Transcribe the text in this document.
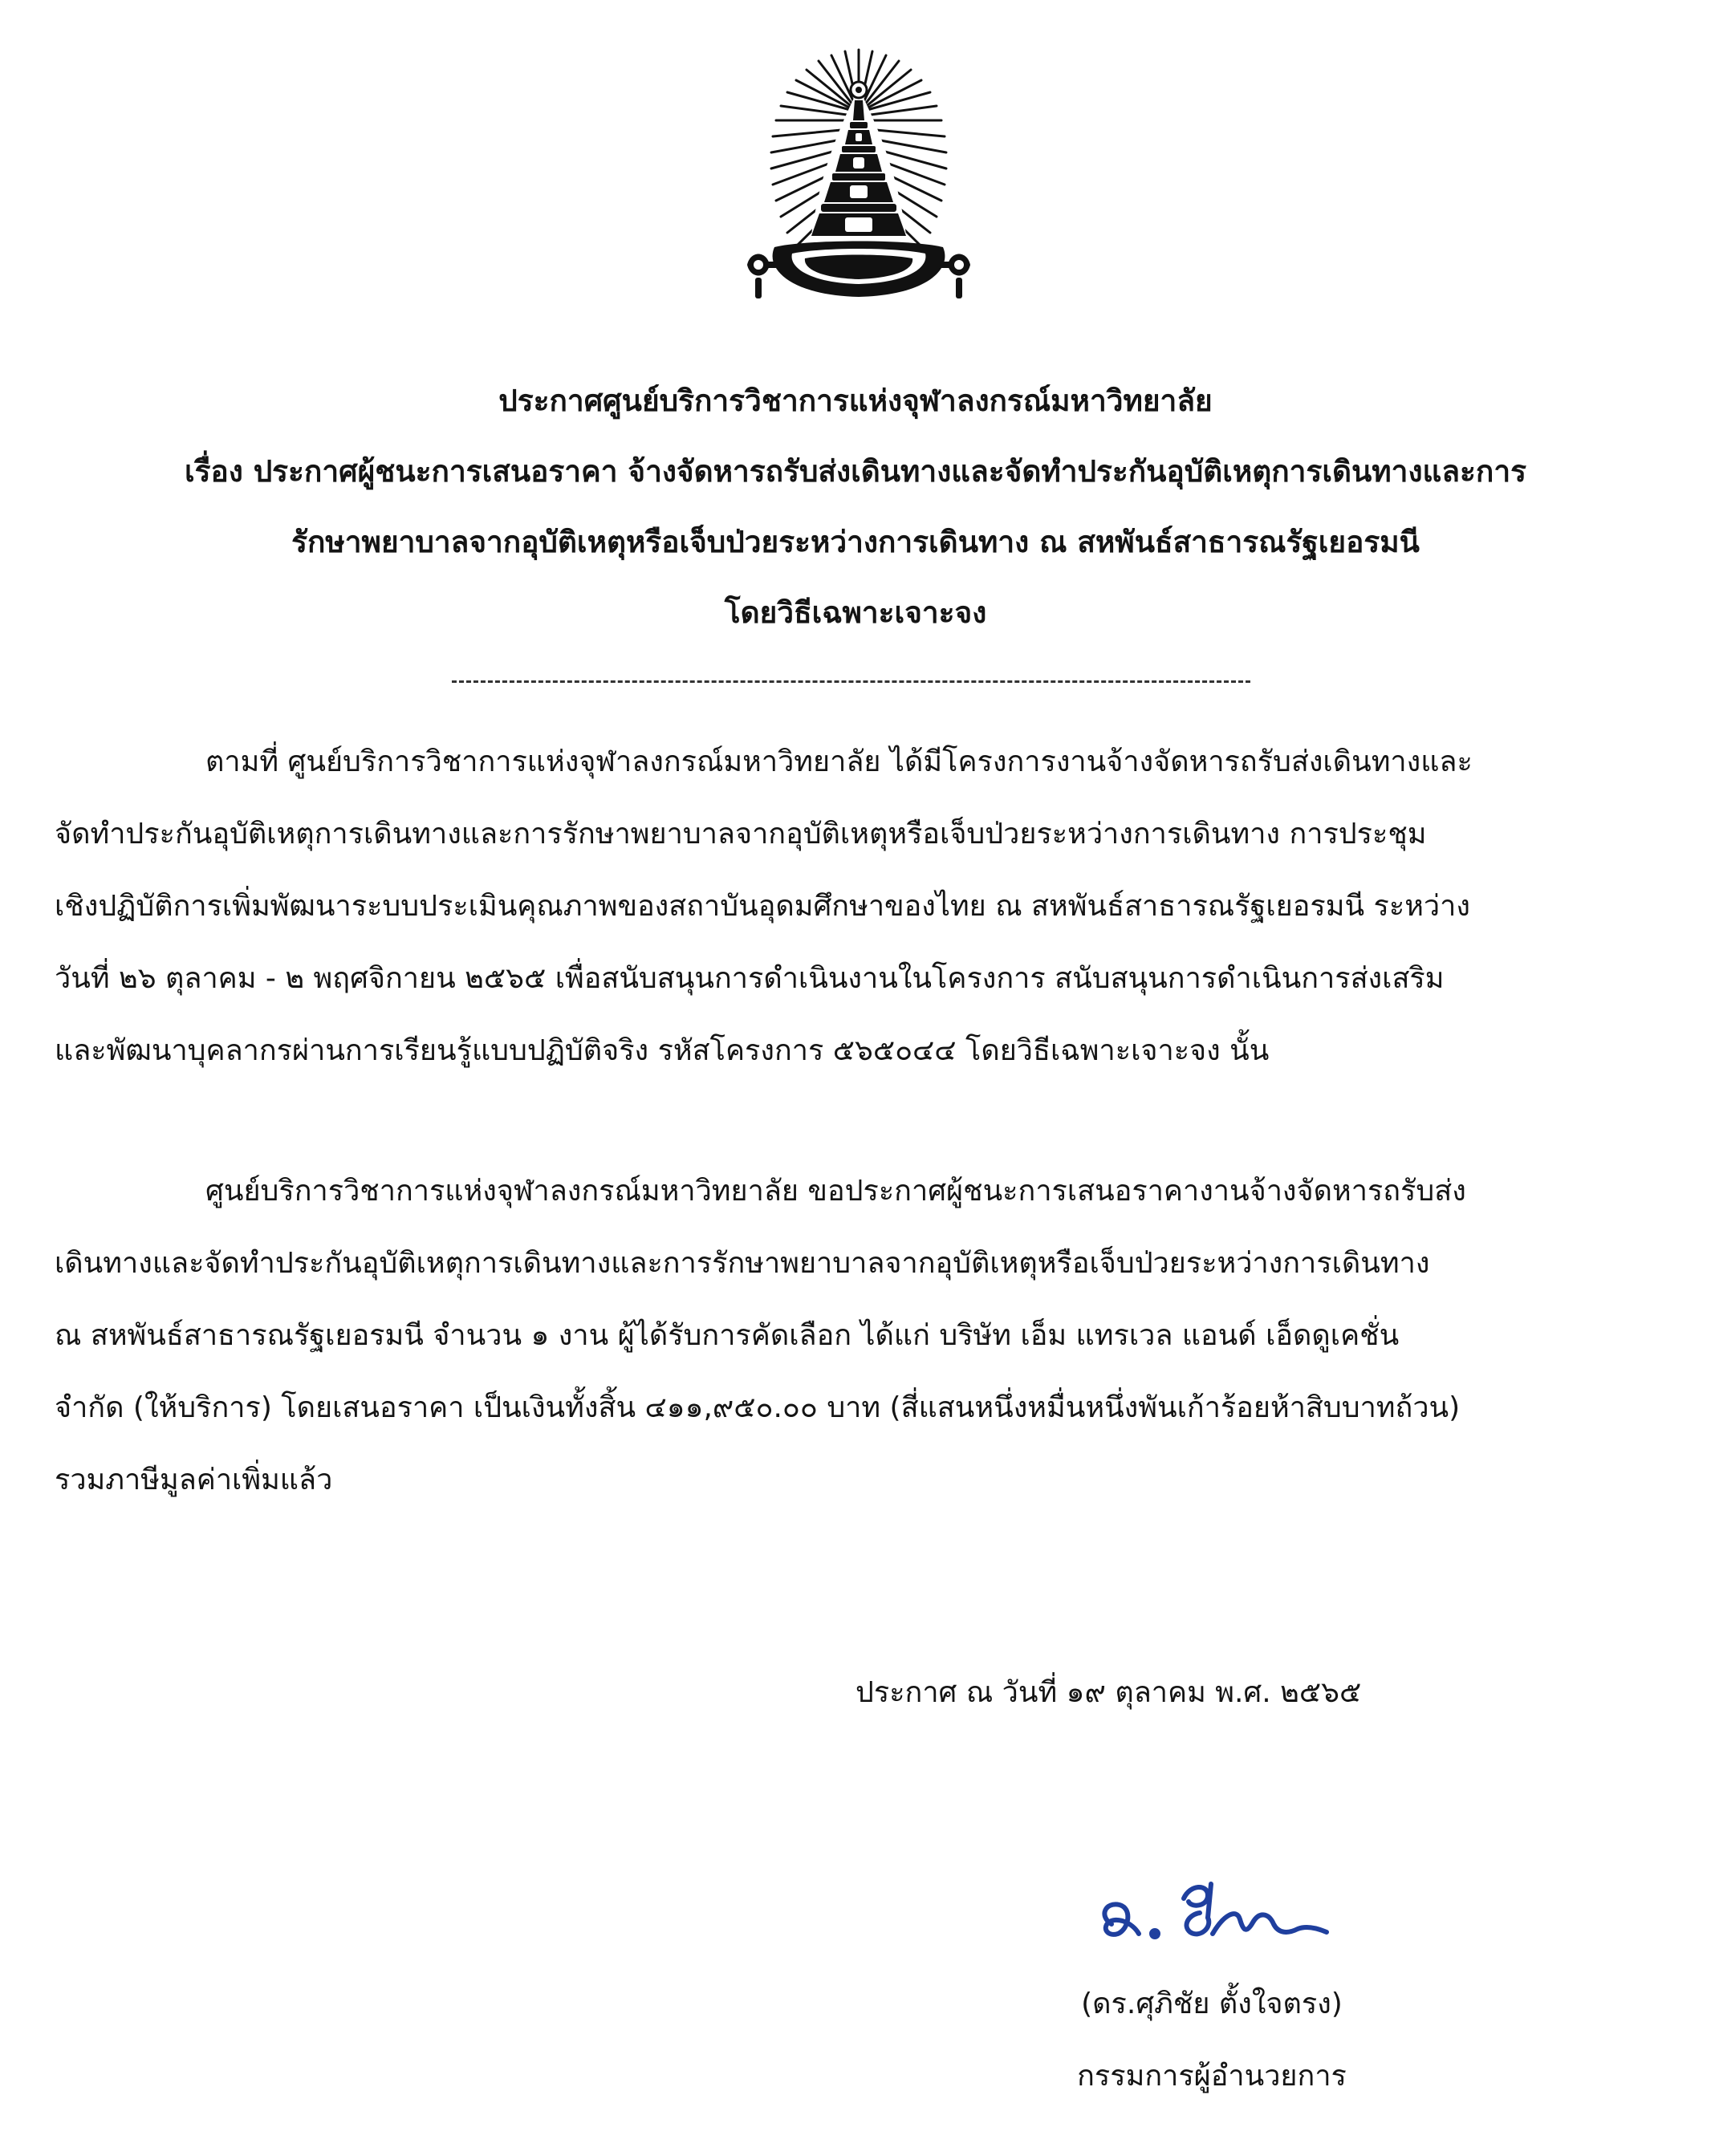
ประกาศศูนย์บริการวิชาการแห่งจุฬาลงกรณ์มหาวิทยาลัย
เรื่อง ประกาศผู้ชนะการเสนอราคา จ้างจัดหารถรับส่งเดินทางและจัดทำประกันอุบัติเหตุการเดินทางและการ
รักษาพยาบาลจากอุบัติเหตุหรือเจ็บป่วยระหว่างการเดินทาง ณ สหพันธ์สาธารณรัฐเยอรมนี
โดยวิธีเฉพาะเจาะจง
ตามที่ ศูนย์บริการวิชาการแห่งจุฬาลงกรณ์มหาวิทยาลัย ได้มีโครงการงานจ้างจัดหารถรับส่งเดินทางและ
จัดทำประกันอุบัติเหตุการเดินทางและการรักษาพยาบาลจากอุบัติเหตุหรือเจ็บป่วยระหว่างการเดินทาง การประชุม
เชิงปฏิบัติการเพิ่มพัฒนาระบบประเมินคุณภาพของสถาบันอุดมศึกษาของไทย ณ สหพันธ์สาธารณรัฐเยอรมนี ระหว่าง
วันที่ ๒๖ ตุลาคม - ๒ พฤศจิกายน ๒๕๖๕ เพื่อสนับสนุนการดำเนินงานในโครงการ สนับสนุนการดำเนินการส่งเสริม
และพัฒนาบุคลากรผ่านการเรียนรู้แบบปฏิบัติจริง รหัสโครงการ ๕๖๕๐๔๔ โดยวิธีเฉพาะเจาะจง นั้น
ศูนย์บริการวิชาการแห่งจุฬาลงกรณ์มหาวิทยาลัย ขอประกาศผู้ชนะการเสนอราคางานจ้างจัดหารถรับส่ง
เดินทางและจัดทำประกันอุบัติเหตุการเดินทางและการรักษาพยาบาลจากอุบัติเหตุหรือเจ็บป่วยระหว่างการเดินทาง
ณ สหพันธ์สาธารณรัฐเยอรมนี จำนวน ๑ งาน ผู้ได้รับการคัดเลือก ได้แก่ บริษัท เอ็ม แทรเวล แอนด์ เอ็ดดูเคชั่น
จำกัด (ให้บริการ) โดยเสนอราคา เป็นเงินทั้งสิ้น ๔๑๑,๙๕๐.๐๐ บาท (สี่แสนหนึ่งหมื่นหนึ่งพันเก้าร้อยห้าสิบบาทถ้วน)
รวมภาษีมูลค่าเพิ่มแล้ว
ประกาศ ณ วันที่ ๑๙ ตุลาคม พ.ศ. ๒๕๖๕
(ดร.ศุภิชัย ตั้งใจตรง)
กรรมการผู้อำนวยการ
